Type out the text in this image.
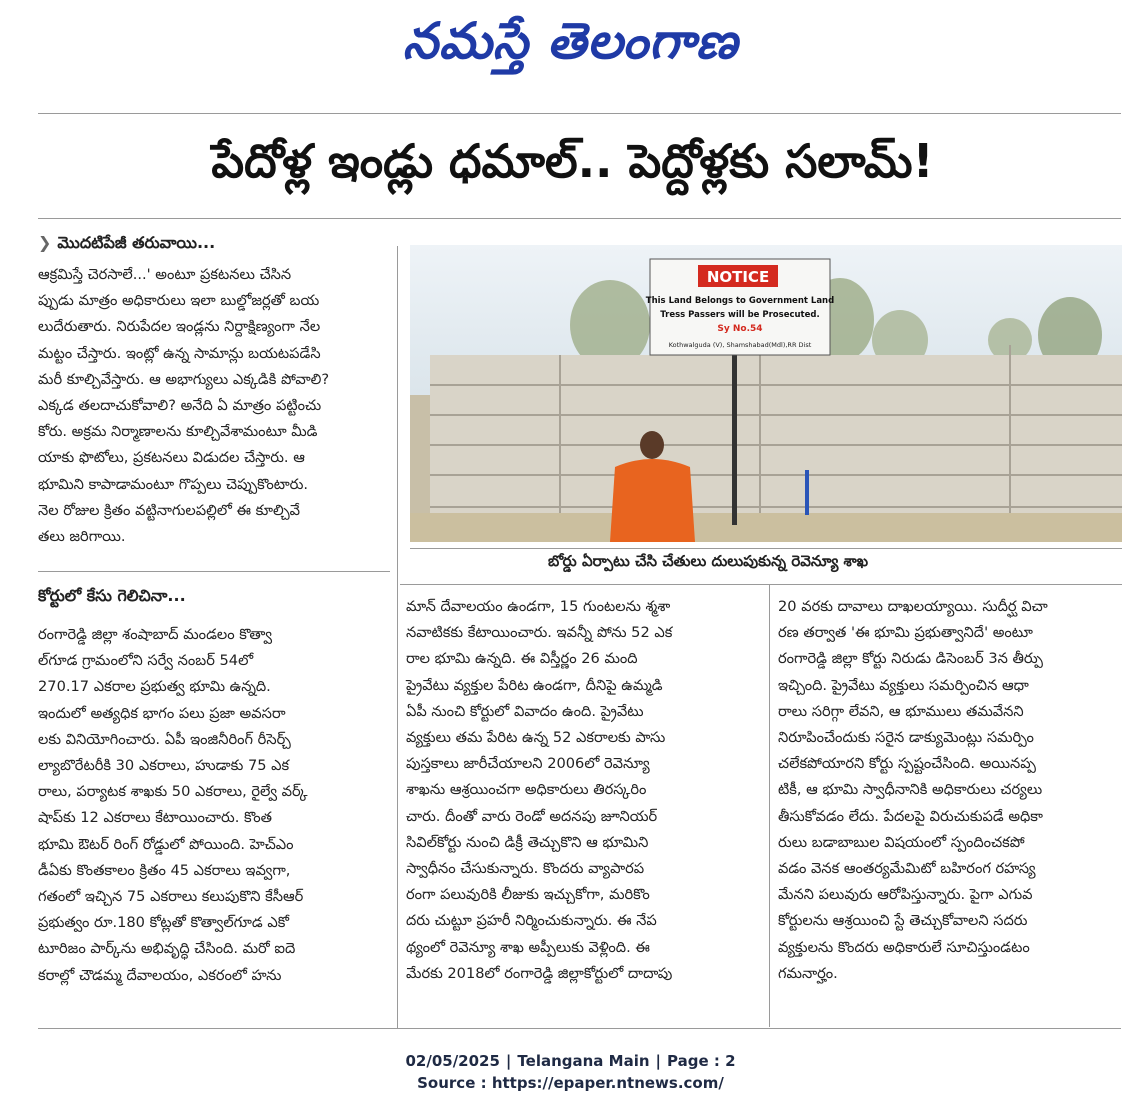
నమస్తే తెలంగాణ
పేదోళ్ల ఇండ్లు ధమాల్.. పెద్దోళ్లకు సలామ్!
❯ మొదటిపేజీ తరువాయి...

ఆక్రమిస్తే చెరసాలే...' అంటూ ప్రకటనలు చేసిన

ప్పుడు మాత్రం అధికారులు ఇలా బుల్డోజర్లతో బయ

లుదేరుతారు. నిరుపేదల ఇండ్లను నిర్దాక్షిణ్యంగా నేల

మట్టం చేస్తారు. ఇంట్లో ఉన్న సామాన్లు బయటపడేసి

మరీ కూల్చివేస్తారు. ఆ అభాగ్యులు ఎక్కడికి పోవాలి?

ఎక్కడ తలదాచుకోవాలి? అనేది ఏ మాత్రం పట్టించు

కోరు. అక్రమ నిర్మాణాలను కూల్చివేశామంటూ మీడి

యాకు ఫొటోలు, ప్రకటనలు విడుదల చేస్తారు. ఆ

భూమిని కాపాడామంటూ గొప్పలు చెప్పుకొంటారు.

నెల రోజుల క్రితం వట్టినాగులపల్లిలో ఈ కూల్చివే

తలు జరిగాయి.

కోర్టులో కేసు గెలిచినా...

రంగారెడ్డి జిల్లా శంషాబాద్ మండలం కొత్వా

ల్‌గూడ గ్రామంలోని సర్వే నంబర్ 54లో

270.17 ఎకరాల ప్రభుత్వ భూమి ఉన్నది.

ఇందులో అత్యధిక భాగం పలు ప్రజా అవసరా

లకు వినియోగించారు. ఏపీ ఇంజినీరింగ్ రీసెర్చ్

ల్యాబొరేటరీకి 30 ఎకరాలు, హుడాకు 75 ఎక

రాలు, పర్యాటక శాఖకు 50 ఎకరాలు, రైల్వే వర్క్

షాప్‌కు 12 ఎకరాలు కేటాయించారు. కొంత

భూమి ఔటర్ రింగ్ రోడ్డులో పోయింది. హెచ్‌ఎం

డీఏకు కొంతకాలం క్రితం 45 ఎకరాలు ఇవ్వగా,

గతంలో ఇచ్చిన 75 ఎకరాలు కలుపుకొని కేసీఆర్

ప్రభుత్వం రూ.180 కోట్లతో కొత్వాల్‌గూడ ఎకో

టూరిజం పార్క్‌ను అభివృద్ధి చేసింది. మరో ఐదె

కరాల్లో చౌడమ్మ దేవాలయం, ఎకరంలో హను

NOTICE
This Land Belongs to Government Land
Tress Passers will be Prosecuted.
Sy No.54
Kothwalguda (V), Shamshabad(Mdl),RR Dist
బోర్డు ఏర్పాటు చేసి చేతులు దులుపుకున్న రెవెన్యూ శాఖ

మాన్ దేవాలయం ఉండగా, 15 గుంటలను శ్మశా

నవాటికకు కేటాయించారు. ఇవన్నీ పోను 52 ఎక

రాల భూమి ఉన్నది. ఈ విస్తీర్ణం 26 మంది

ప్రైవేటు వ్యక్తుల పేరిట ఉండగా, దీనిపై ఉమ్మడి

ఏపీ నుంచి కోర్టులో వివాదం ఉంది. ప్రైవేటు

వ్యక్తులు తమ పేరిట ఉన్న 52 ఎకరాలకు పాసు

పుస్తకాలు జారీచేయాలని 2006లో రెవెన్యూ

శాఖను ఆశ్రయించగా అధికారులు తిరస్కరిం

చారు. దీంతో వారు రెండో అదనపు జూనియర్

సివిల్‌కోర్టు నుంచి డిక్రీ తెచ్చుకొని ఆ భూమిని

స్వాధీనం చేసుకున్నారు. కొందరు వ్యాపారప

రంగా పలువురికి లీజుకు ఇచ్చుకోగా, మరికొం

దరు చుట్టూ ప్రహరీ నిర్మించుకున్నారు. ఈ నేప

థ్యంలో రెవెన్యూ శాఖ అప్పీలుకు వెళ్లింది. ఈ

మేరకు 2018లో రంగారెడ్డి జిల్లాకోర్టులో దాదాపు

20 వరకు దావాలు దాఖలయ్యాయి. సుదీర్ఘ విచా

రణ తర్వాత 'ఈ భూమి ప్రభుత్వానిదే' అంటూ

రంగారెడ్డి జిల్లా కోర్టు నిరుడు డిసెంబర్ 3న తీర్పు

ఇచ్చింది. ప్రైవేటు వ్యక్తులు సమర్పించిన ఆధా

రాలు సరిగ్గా లేవని, ఆ భూములు తమవేనని

నిరూపించేందుకు సరైన డాక్యుమెంట్లు సమర్పిం

చలేకపోయారని కోర్టు స్పష్టంచేసింది. అయినప్ప

టికీ, ఆ భూమి స్వాధీనానికి అధికారులు చర్యలు

తీసుకోవడం లేదు. పేదలపై విరుచుకుపడే అధికా

రులు బడాబాబుల విషయంలో స్పందించకపో

వడం వెనక ఆంతర్యమేమిటో బహిరంగ రహస్య

మేనని పలువురు ఆరోపిస్తున్నారు. పైగా ఎగువ

కోర్టులను ఆశ్రయించి స్టే తెచ్చుకోవాలని సదరు

వ్యక్తులను కొందరు అధికారులే సూచిస్తుండటం

గమనార్హం.

02/05/2025 | Telangana Main | Page : 2
Source : https://epaper.ntnews.com/
